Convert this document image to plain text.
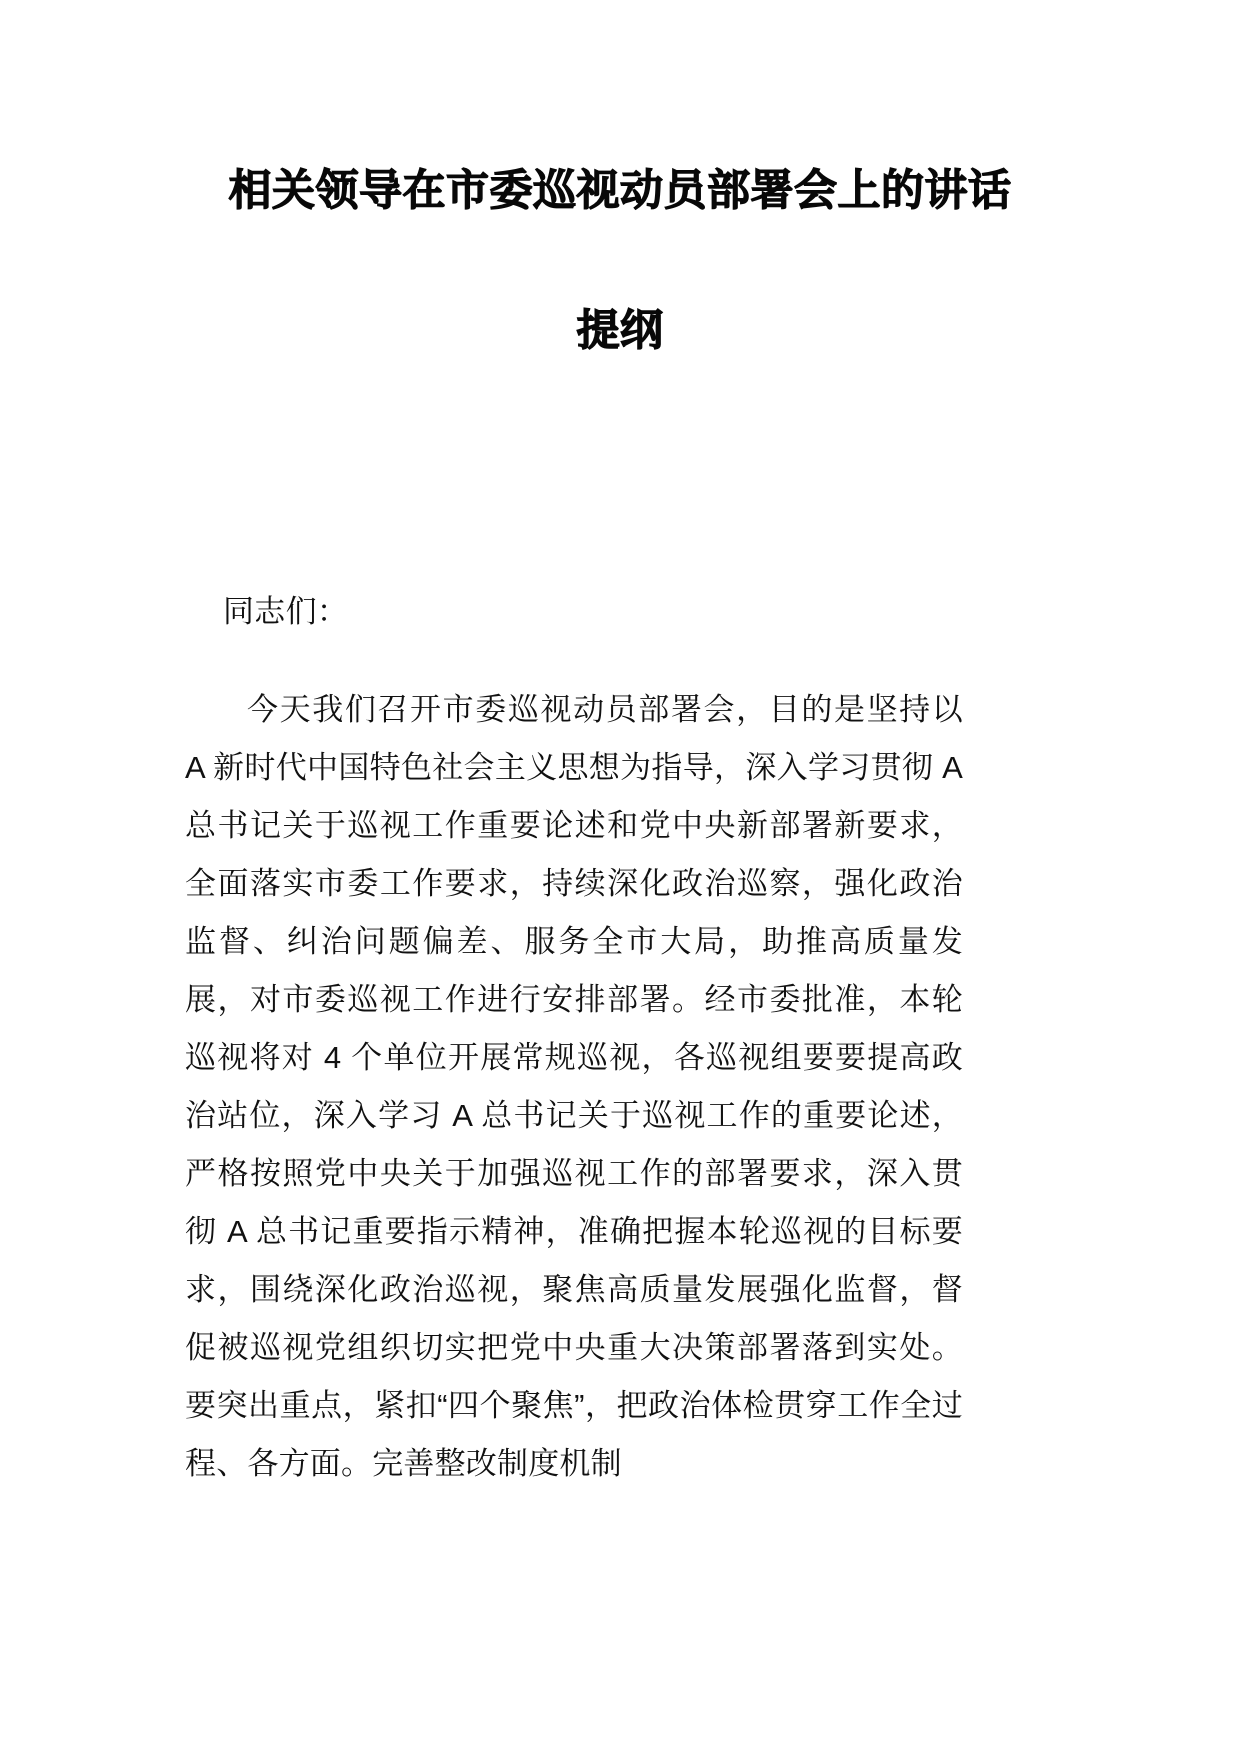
相关领导在市委巡视动员部署会上的讲话
提纲

同志们：

今天我们召开市委巡视动员部署会，目的是坚持以 A 新时代中国特色社会主义思想为指导，深入学习贯彻 A 总书记关于巡视工作重要论述和党中央新部署新要求，全面落实市委工作要求，持续深化政治巡察，强化政治监督、纠治问题偏差、服务全市大局，助推高质量发展，对市委巡视工作进行安排部署。经市委批准，本轮巡视将对 4 个单位开展常规巡视，各巡视组要要提高政治站位，深入学习 A 总书记关于巡视工作的重要论述，严格按照党中央关于加强巡视工作的部署要求，深入贯彻 A 总书记重要指示精神，准确把握本轮巡视的目标要求，围绕深化政治巡视，聚焦高质量发展强化监督，督促被巡视党组织切实把党中央重大决策部署落到实处。要突出重点，紧扣“四个聚焦”，把政治体检贯穿工作全过程、各方面。完善整改制度机制
